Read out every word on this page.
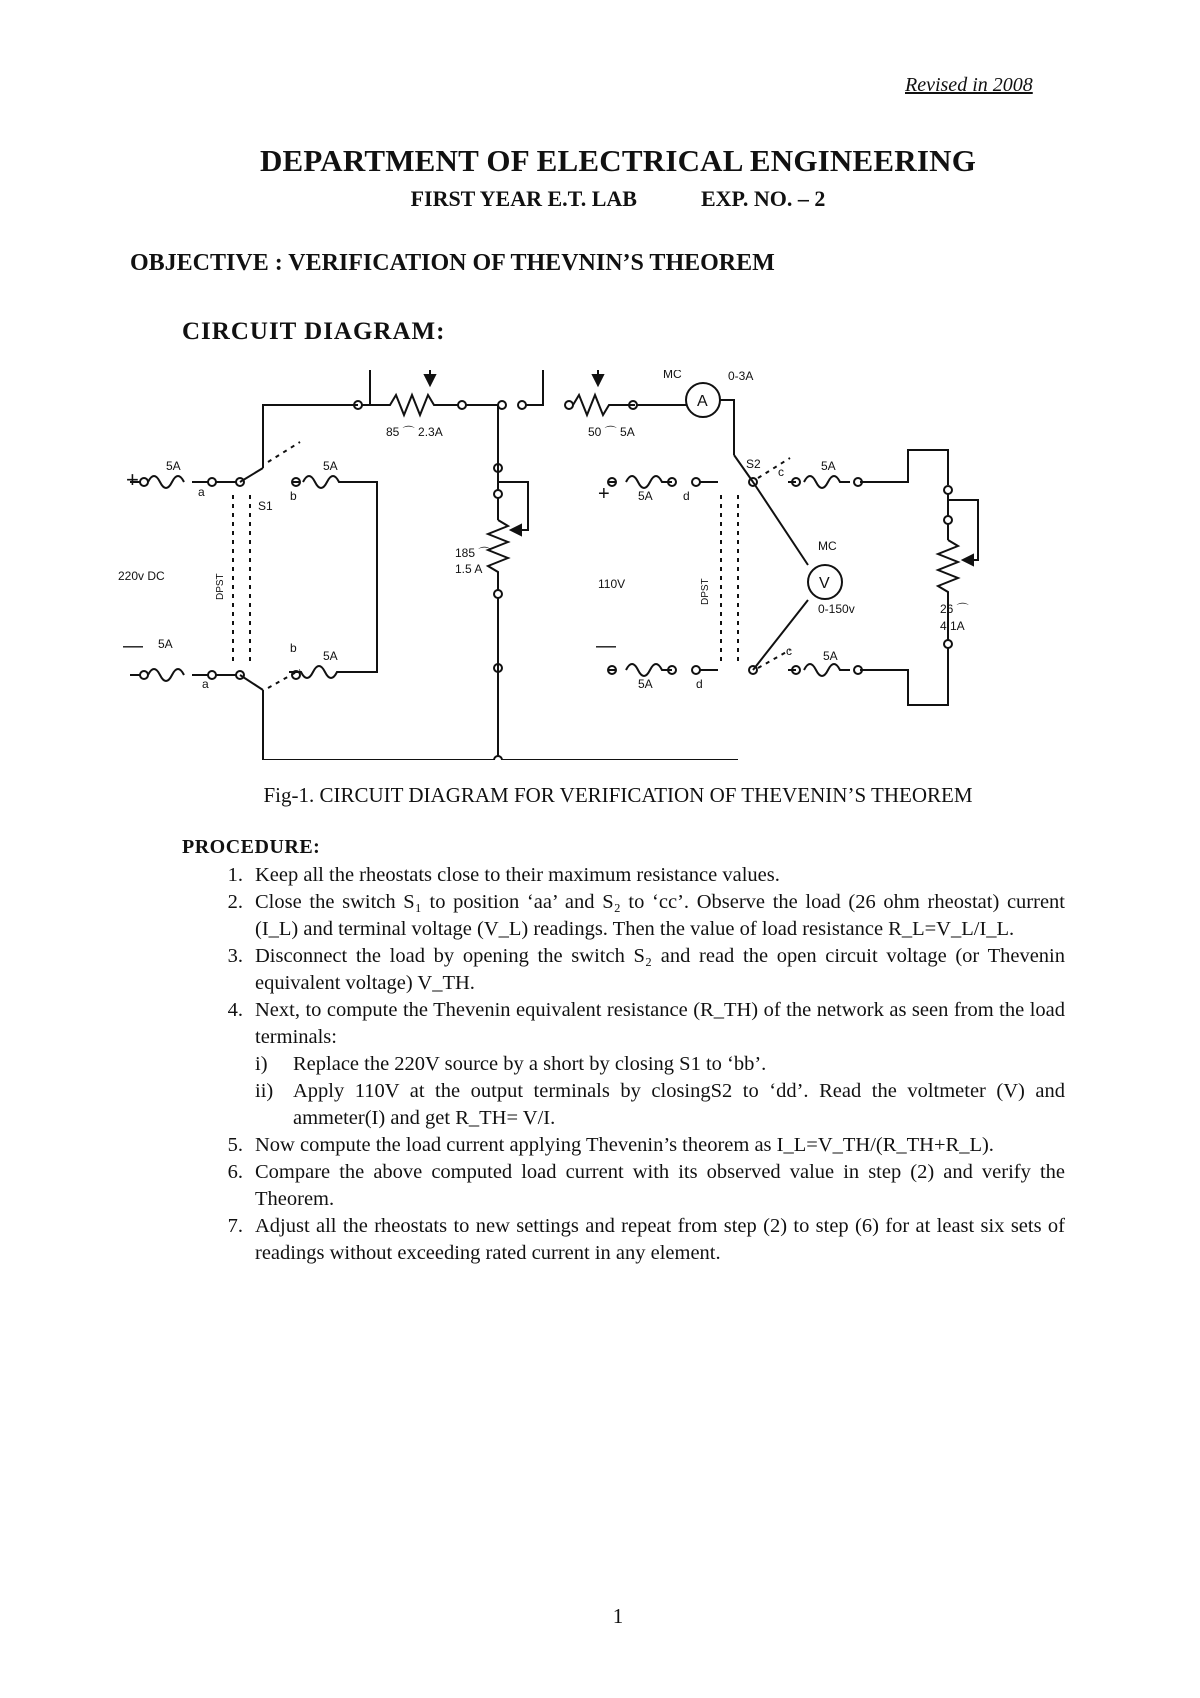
Revised in 2008
DEPARTMENT OF ELECTRICAL ENGINEERING
FIRST YEAR E.T. LAB	EXP. NO. – 2
OBJECTIVE : VERIFICATION OF THEVNIN’S THEOREM
CIRCUIT DIAGRAM:
+
—
220v DC
5A
5A
5A
5A
a
a
b
b
S1
DPST
85 ⌒ 2.3A	50 ⌒ 5A
185 ⌒
1.5 A
MC	0-3A
A
+
—
5A
5A
d
d
110V	DPST
S2
c
c
5A
5A
MC
0-150v
V
26 ⌒
4.1A
Fig-1. CIRCUIT DIAGRAM FOR VERIFICATION OF THEVENIN’S THEOREM
PROCEDURE:
1. Keep all the rheostats close to their maximum resistance values.
2. Close the switch S₁ to position ‘aa’ and S₂ to ‘cc’. Observe the load (26 ohm rheostat) current (I_L) and terminal voltage (V_L) readings. Then the value of load resistance R_L=V_L/I_L.
3. Disconnect the load by opening the switch S₂ and read the open circuit voltage (or Thevenin equivalent voltage) V_TH.
4. Next, to compute the Thevenin equivalent resistance (R_TH) of the network as seen from the load terminals:
i) Replace the 220V source by a short by closing S1 to ‘bb’.
ii) Apply 110V at the output terminals by closingS2 to ‘dd’. Read the voltmeter (V) and ammeter(I) and get R_TH= V/I.
5. Now compute the load current applying Thevenin’s theorem as I_L=V_TH/(R_TH+R_L).
6. Compare the above computed load current with its observed value in step (2) and verify the Theorem.
7. Adjust all the rheostats to new settings and repeat from step (2) to step (6) for at least six sets of readings without exceeding rated current in any element.
1
